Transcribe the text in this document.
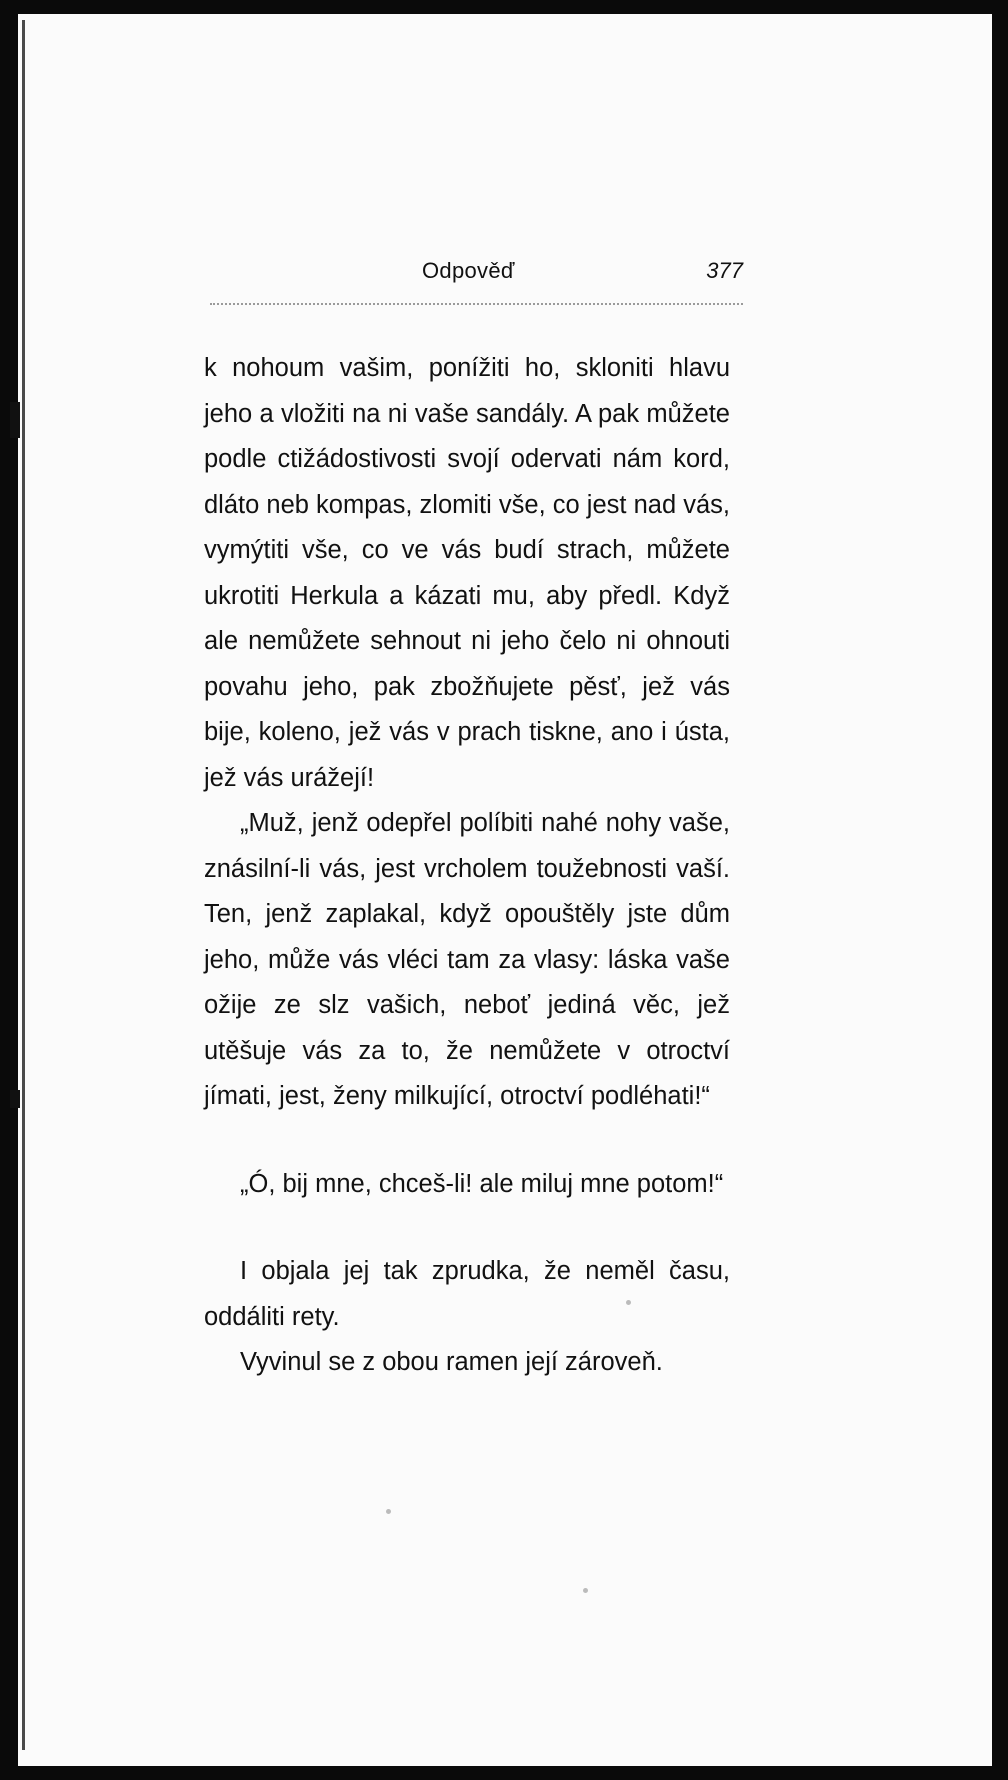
Odpověď	377

k nohoum vašim, ponížiti ho, skloniti hlavu jeho a vložiti na ni vaše sandály. A pak můžete podle ctižádostivosti svojí odervati nám kord, dláto neb kompas, zlomiti vše, co jest nad vás, vymýtiti vše, co ve vás budí strach, můžete ukrotiti Herkula a kázati mu, aby předl. Když ale nemůžete sehnout ni jeho čelo ni ohnouti povahu jeho, pak zbožňujete pěsť, jež vás bije, koleno, jež vás v prach tiskne, ano i ústa, jež vás urážejí!

„Muž, jenž odepřel políbiti nahé nohy vaše, znásilní-li vás, jest vrcholem toužebnosti vaší. Ten, jenž zaplakal, když opouštěly jste dům jeho, může vás vléci tam za vlasy: láska vaše ožije ze slz vašich, neboť jediná věc, jež utěšuje vás za to, že nemůžete v otroctví jímati, jest, ženy milkující, otroctví podléhati!“

„Ó, bij mne, chceš-li! ale miluj mne potom!“

I objala jej tak zprudka, že neměl času, oddáliti rety.

Vyvinul se z obou ramen její zároveň.
